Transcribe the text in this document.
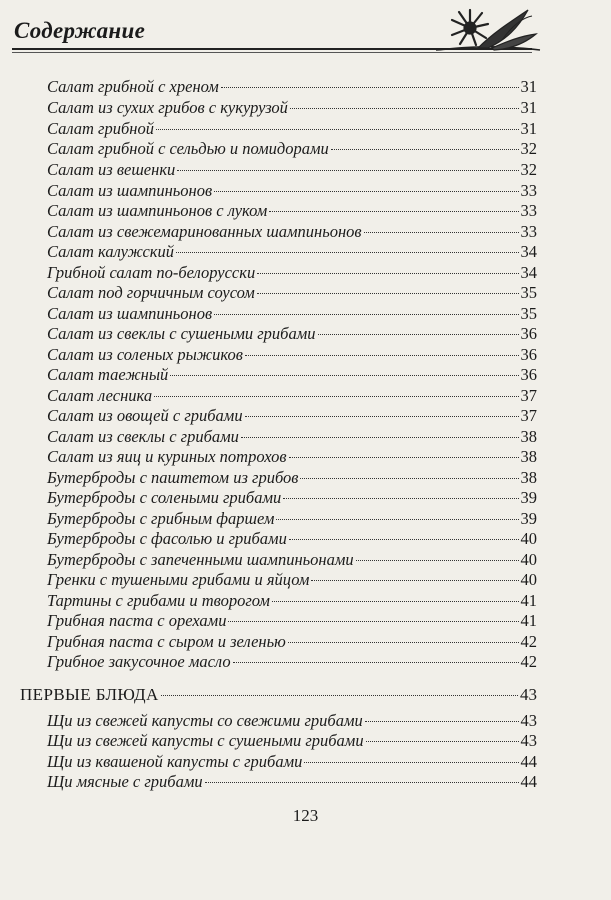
Содержание
Салат грибной с хреном	31
Салат из сухих грибов с кукурузой	31
Салат грибной	31
Салат грибной с сельдью и помидорами	32
Салат из вешенки	32
Салат из шампиньонов	33
Салат из шампиньонов с луком	33
Салат из свежемаринованных шампиньонов	33
Салат калужский	34
Грибной салат по-белорусски	34
Салат под горчичным соусом	35
Салат из шампиньонов	35
Салат из свеклы с сушеными грибами	36
Салат из соленых рыжиков	36
Салат таежный	36
Салат лесника	37
Салат из овощей с грибами	37
Салат из свеклы с грибами	38
Салат из яиц и куриных потрохов	38
Бутерброды с паштетом из грибов	38
Бутерброды с солеными грибами	39
Бутерброды с грибным фаршем	39
Бутерброды с фасолью и грибами	40
Бутерброды с запеченными шампиньонами	40
Гренки с тушеными грибами и яйцом	40
Тартины с грибами и творогом	41
Грибная паста с орехами	41
Грибная паста с сыром и зеленью	42
Грибное закусочное масло	42
ПЕРВЫЕ БЛЮДА	43
Щи из свежей капусты со свежими грибами	43
Щи из свежей капусты с сушеными грибами	43
Щи из квашеной капусты с грибами	44
Щи мясные с грибами	44
123
